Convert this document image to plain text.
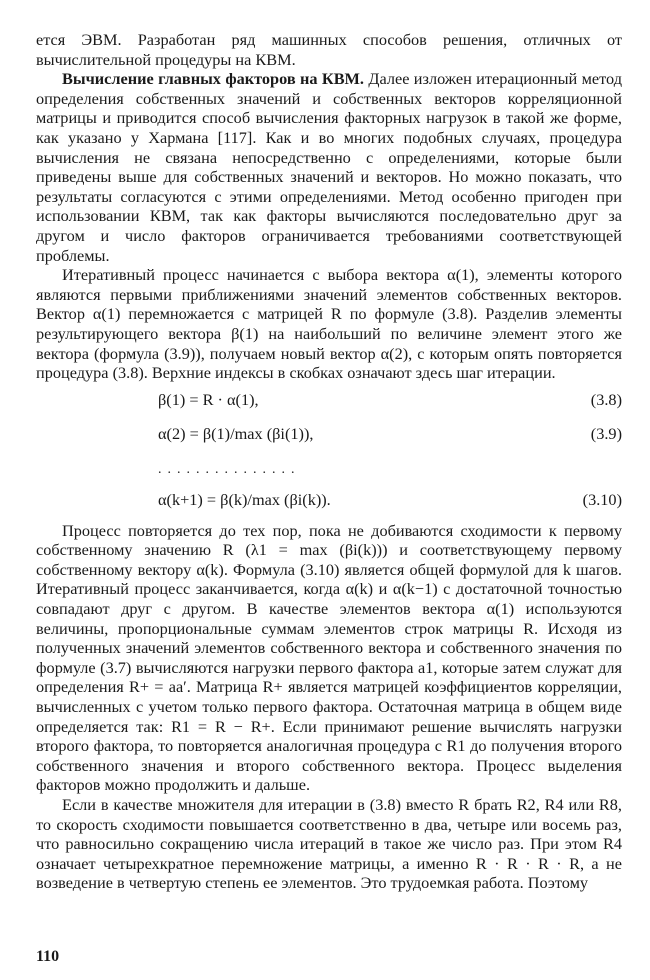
ется ЭВМ. Разработан ряд машинных способов решения, отличных от вычислительной процедуры на КВМ.

Вычисление главных факторов на КВМ. Далее изложен итерационный метод определения собственных значений и собственных векторов корреляционной матрицы и приводится способ вычисления факторных нагрузок в такой же форме, как указано у Хармана [117]. Как и во многих подобных случаях, процедура вычисления не связана непосредственно с определениями, которые были приведены выше для собственных значений и векторов. Но можно показать, что результаты согласуются с этими определениями. Метод особенно пригоден при использовании КВМ, так как факторы вычисляются последовательно друг за другом и число факторов ограничивается требованиями соответствующей проблемы.

Итеративный процесс начинается с выбора вектора α(1), элементы которого являются первыми приближениями значений элементов собственных векторов. Вектор α(1) перемножается с матрицей R по формуле (3.8). Разделив элементы результирующего вектора β(1) на наибольший по величине элемент этого же вектора (формула (3.9)), получаем новый вектор α(2), с которым опять повторяется процедура (3.8). Верхние индексы в скобках означают здесь шаг итерации.

β(1) = R · α(1),	(3.8)
α(2) = β(1)/max (βi(1)),	(3.9)
...............
α(k+1) = β(k)/max (βi(k)).	(3.10)

Процесс повторяется до тех пор, пока не добиваются сходимости к первому собственному значению R (λ1 = max (βi(k))) и соответствующему первому собственному вектору α(k). Формула (3.10) является общей формулой для k шагов. Итеративный процесс заканчивается, когда α(k) и α(k−1) с достаточной точностью совпадают друг с другом. В качестве элементов вектора α(1) используются величины, пропорциональные суммам элементов строк матрицы R. Исходя из полученных значений элементов собственного вектора и собственного значения по формуле (3.7) вычисляются нагрузки первого фактора a1, которые затем служат для определения R+ = aa′. Матрица R+ является матрицей коэффициентов корреляции, вычисленных с учетом только первого фактора. Остаточная матрица в общем виде определяется так: R1 = R − R+. Если принимают решение вычислять нагрузки второго фактора, то повторяется аналогичная процедура с R1 до получения второго собственного значения и второго собственного вектора. Процесс выделения факторов можно продолжить и дальше.

Если в качестве множителя для итерации в (3.8) вместо R брать R2, R4 или R8, то скорость сходимости повышается соответственно в два, четыре или восемь раз, что равносильно сокращению числа итераций в такое же число раз. При этом R4 означает четырехкратное перемножение матрицы, а именно R · R · R · R, а не возведение в четвертую степень ее элементов. Это трудоемкая работа. Поэтому

110
